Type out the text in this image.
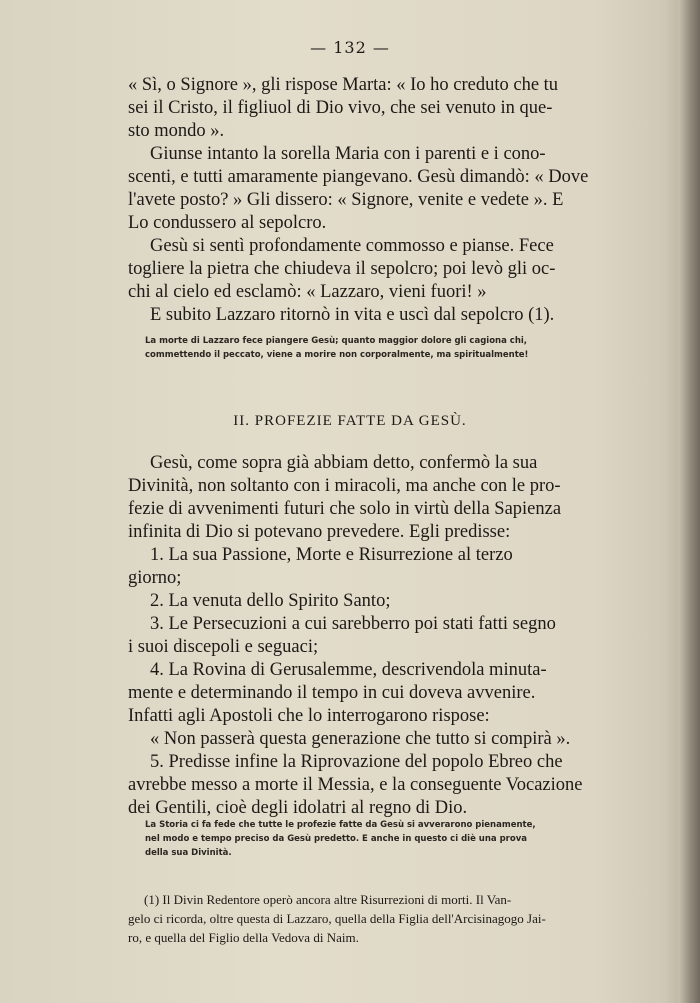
— 132 —
« Sì, o Signore », gli rispose Marta: « Io ho creduto che tu
sei il Cristo, il figliuol di Dio vivo, che sei venuto in que-
sto mondo ».
Giunse intanto la sorella Maria con i parenti e i cono-
scenti, e tutti amaramente piangevano. Gesù dimandò: « Dove
l'avete posto? » Gli dissero: « Signore, venite e vedete ». E
Lo condussero al sepolcro.
Gesù si sentì profondamente commosso e pianse. Fece
togliere la pietra che chiudeva il sepolcro; poi levò gli oc-
chi al cielo ed esclamò: « Lazzaro, vieni fuori! »
E subito Lazzaro ritornò in vita e uscì dal sepolcro (1).
La morte di Lazzaro fece piangere Gesù; quanto maggior dolore gli cagiona chi,
commettendo il peccato, viene a morire non corporalmente, ma spiritualmente!
II. PROFEZIE FATTE DA GESÙ.
Gesù, come sopra già abbiam detto, confermò la sua
Divinità, non soltanto con i miracoli, ma anche con le pro-
fezie di avvenimenti futuri che solo in virtù della Sapienza
infinita di Dio si potevano prevedere. Egli predisse:
1. La sua Passione, Morte e Risurrezione al terzo
giorno;
2. La venuta dello Spirito Santo;
3. Le Persecuzioni a cui sarebberro poi stati fatti segno
i suoi discepoli e seguaci;
4. La Rovina di Gerusalemme, descrivendola minuta-
mente e determinando il tempo in cui doveva avvenire.
Infatti agli Apostoli che lo interrogarono rispose:
« Non passerà questa generazione che tutto si compirà ».
5. Predisse infine la Riprovazione del popolo Ebreo che
avrebbe messo a morte il Messia, e la conseguente Vocazione
dei Gentili, cioè degli idolatri al regno di Dio.
La Storia ci fa fede che tutte le profezie fatte da Gesù si avverarono pienamente,
nel modo e tempo preciso da Gesù predetto. E anche in questo ci diè una prova
della sua Divinità.
(1) Il Divin Redentore operò ancora altre Risurrezioni di morti. Il Van-
gelo ci ricorda, oltre questa di Lazzaro, quella della Figlia dell'Arcisinagogo Jai-
ro, e quella del Figlio della Vedova di Naim.
